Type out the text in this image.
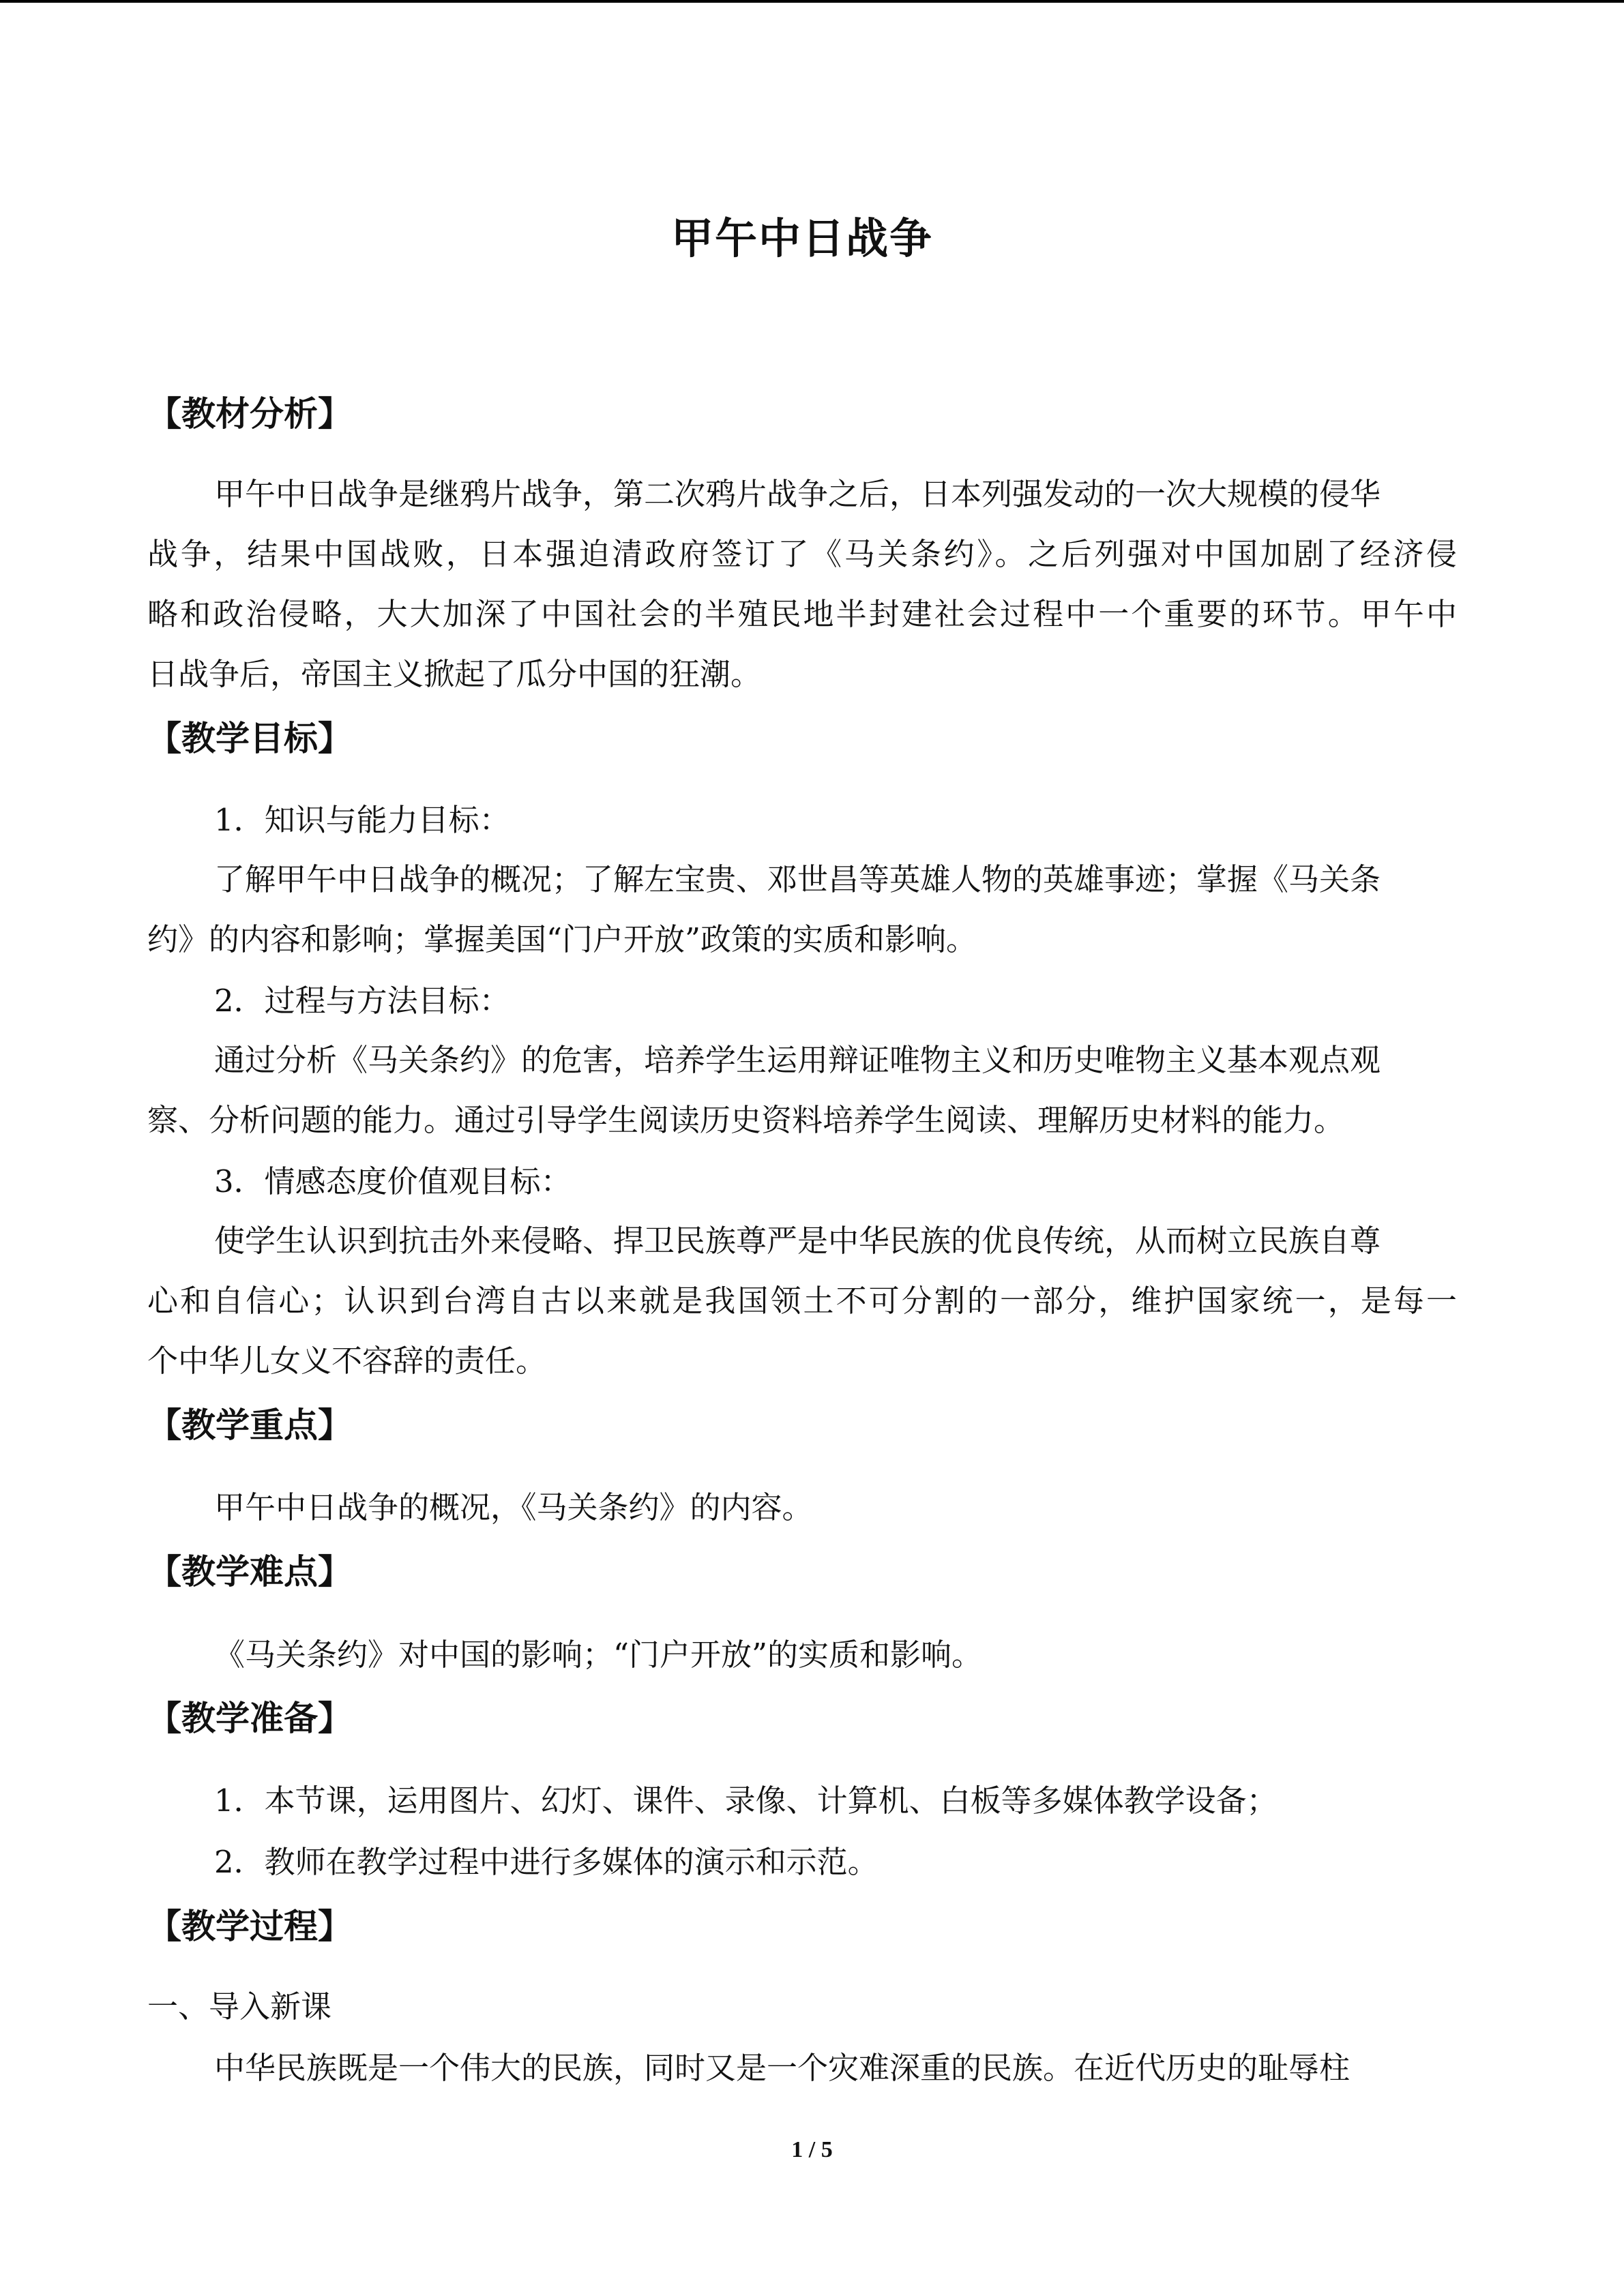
甲午中日战争
【教材分析】
甲午中日战争是继鸦片战争，第二次鸦片战争之后，日本列强发动的一次大规模的侵华
战争，结果中国战败，日本强迫清政府签订了《马关条约》。之后列强对中国加剧了经济侵
略和政治侵略，大大加深了中国社会的半殖民地半封建社会过程中一个重要的环节。甲午中
日战争后，帝国主义掀起了瓜分中国的狂潮。
【教学目标】
1．知识与能力目标：
了解甲午中日战争的概况；了解左宝贵、邓世昌等英雄人物的英雄事迹；掌握《马关条
约》的内容和影响；掌握美国“门户开放”政策的实质和影响。
2．过程与方法目标：
通过分析《马关条约》的危害，培养学生运用辩证唯物主义和历史唯物主义基本观点观
察、分析问题的能力。通过引导学生阅读历史资料培养学生阅读、理解历史材料的能力。
3．情感态度价值观目标：
使学生认识到抗击外来侵略、捍卫民族尊严是中华民族的优良传统，从而树立民族自尊
心和自信心；认识到台湾自古以来就是我国领土不可分割的一部分，维护国家统一，是每一
个中华儿女义不容辞的责任。
【教学重点】
甲午中日战争的概况，《马关条约》的内容。
【教学难点】
《马关条约》对中国的影响；“门户开放”的实质和影响。
【教学准备】
1．本节课，运用图片、幻灯、课件、录像、计算机、白板等多媒体教学设备；
2．教师在教学过程中进行多媒体的演示和示范。
【教学过程】
一、导入新课
中华民族既是一个伟大的民族，同时又是一个灾难深重的民族。在近代历史的耻辱柱
1 / 5
